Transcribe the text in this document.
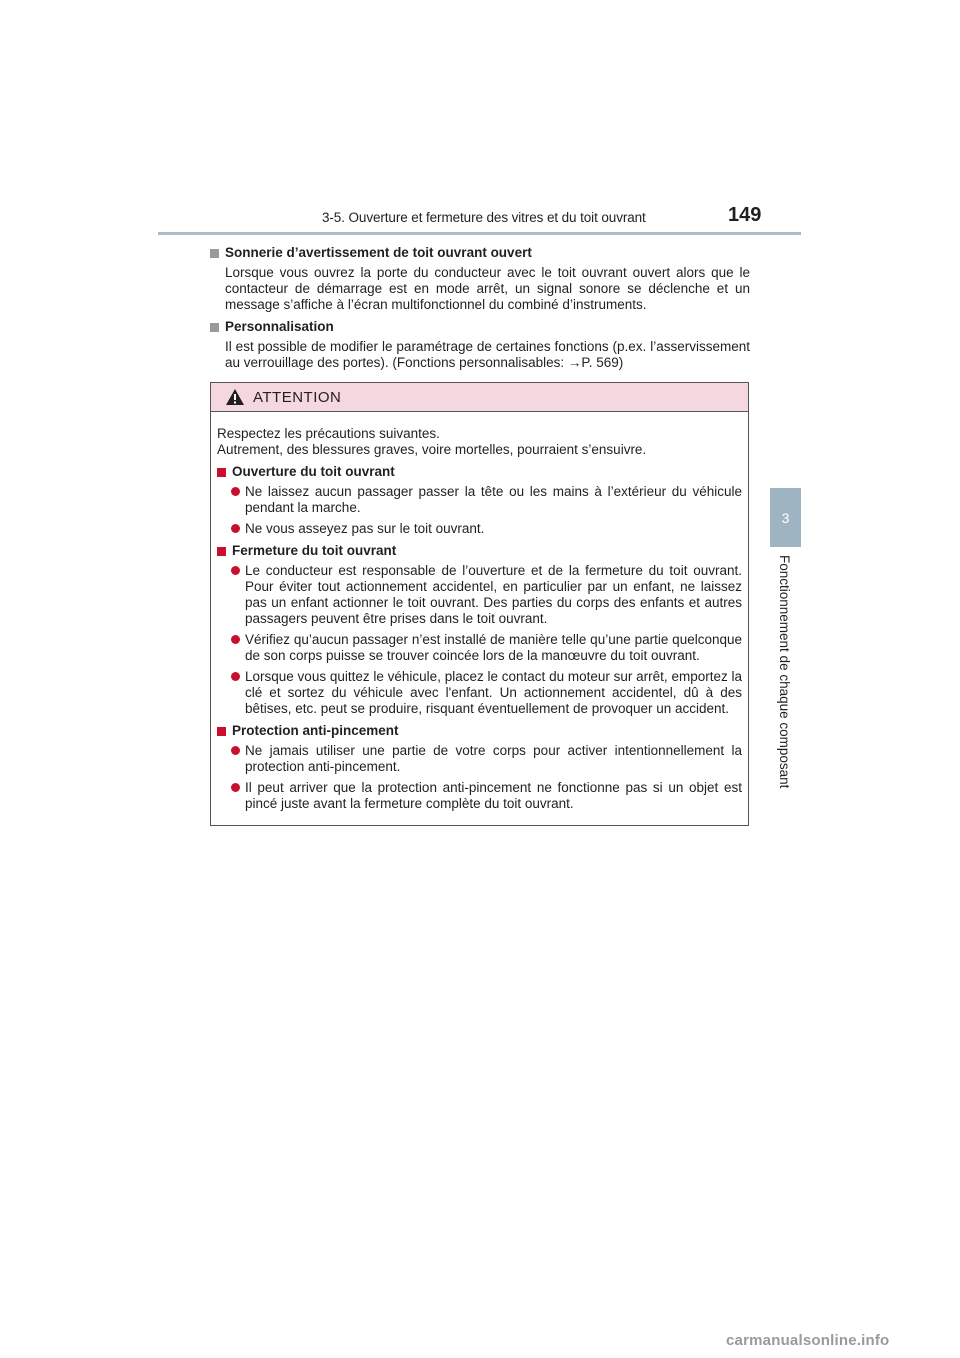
3-5. Ouverture et fermeture des vitres et du toit ouvrant	149
3
Fonctionnement de chaque composant

Sonnerie d’avertissement de toit ouvrant ouvert

Lorsque vous ouvrez la porte du conducteur avec le toit ouvrant ouvert alors que le contacteur de démarrage est en mode arrêt, un signal sonore se déclenche et un message s’affiche à l’écran multifonctionnel du combiné d’instruments.

Personnalisation

Il est possible de modifier le paramétrage de certaines fonctions (p.ex. l’asservissement au verrouillage des portes). (Fonctions personnalisables: →P. 569)

ATTENTION

Respectez les précautions suivantes.
Autrement, des blessures graves, voire mortelles, pourraient s’ensuivre.

Ouverture du toit ouvrant

Ne laissez aucun passager passer la tête ou les mains à l’extérieur du véhicule pendant la marche.
Ne vous asseyez pas sur le toit ouvrant.

Fermeture du toit ouvrant

Le conducteur est responsable de l’ouverture et de la fermeture du toit ouvrant. Pour éviter tout actionnement accidentel, en particulier par un enfant, ne laissez pas un enfant actionner le toit ouvrant. Des parties du corps des enfants et autres passagers peuvent être prises dans le toit ouvrant.
Vérifiez qu’aucun passager n’est installé de manière telle qu’une partie quelconque de son corps puisse se trouver coincée lors de la manœuvre du toit ouvrant.
Lorsque vous quittez le véhicule, placez le contact du moteur sur arrêt, emportez la clé et sortez du véhicule avec l'enfant. Un actionnement accidentel, dû à des bêtises, etc. peut se produire, risquant éventuellement de provoquer un accident.

Protection anti-pincement

Ne jamais utiliser une partie de votre corps pour activer intentionnellement la protection anti-pincement.
Il peut arriver que la protection anti-pincement ne fonctionne pas si un objet est pincé juste avant la fermeture complète du toit ouvrant.
carmanualsonline.info
